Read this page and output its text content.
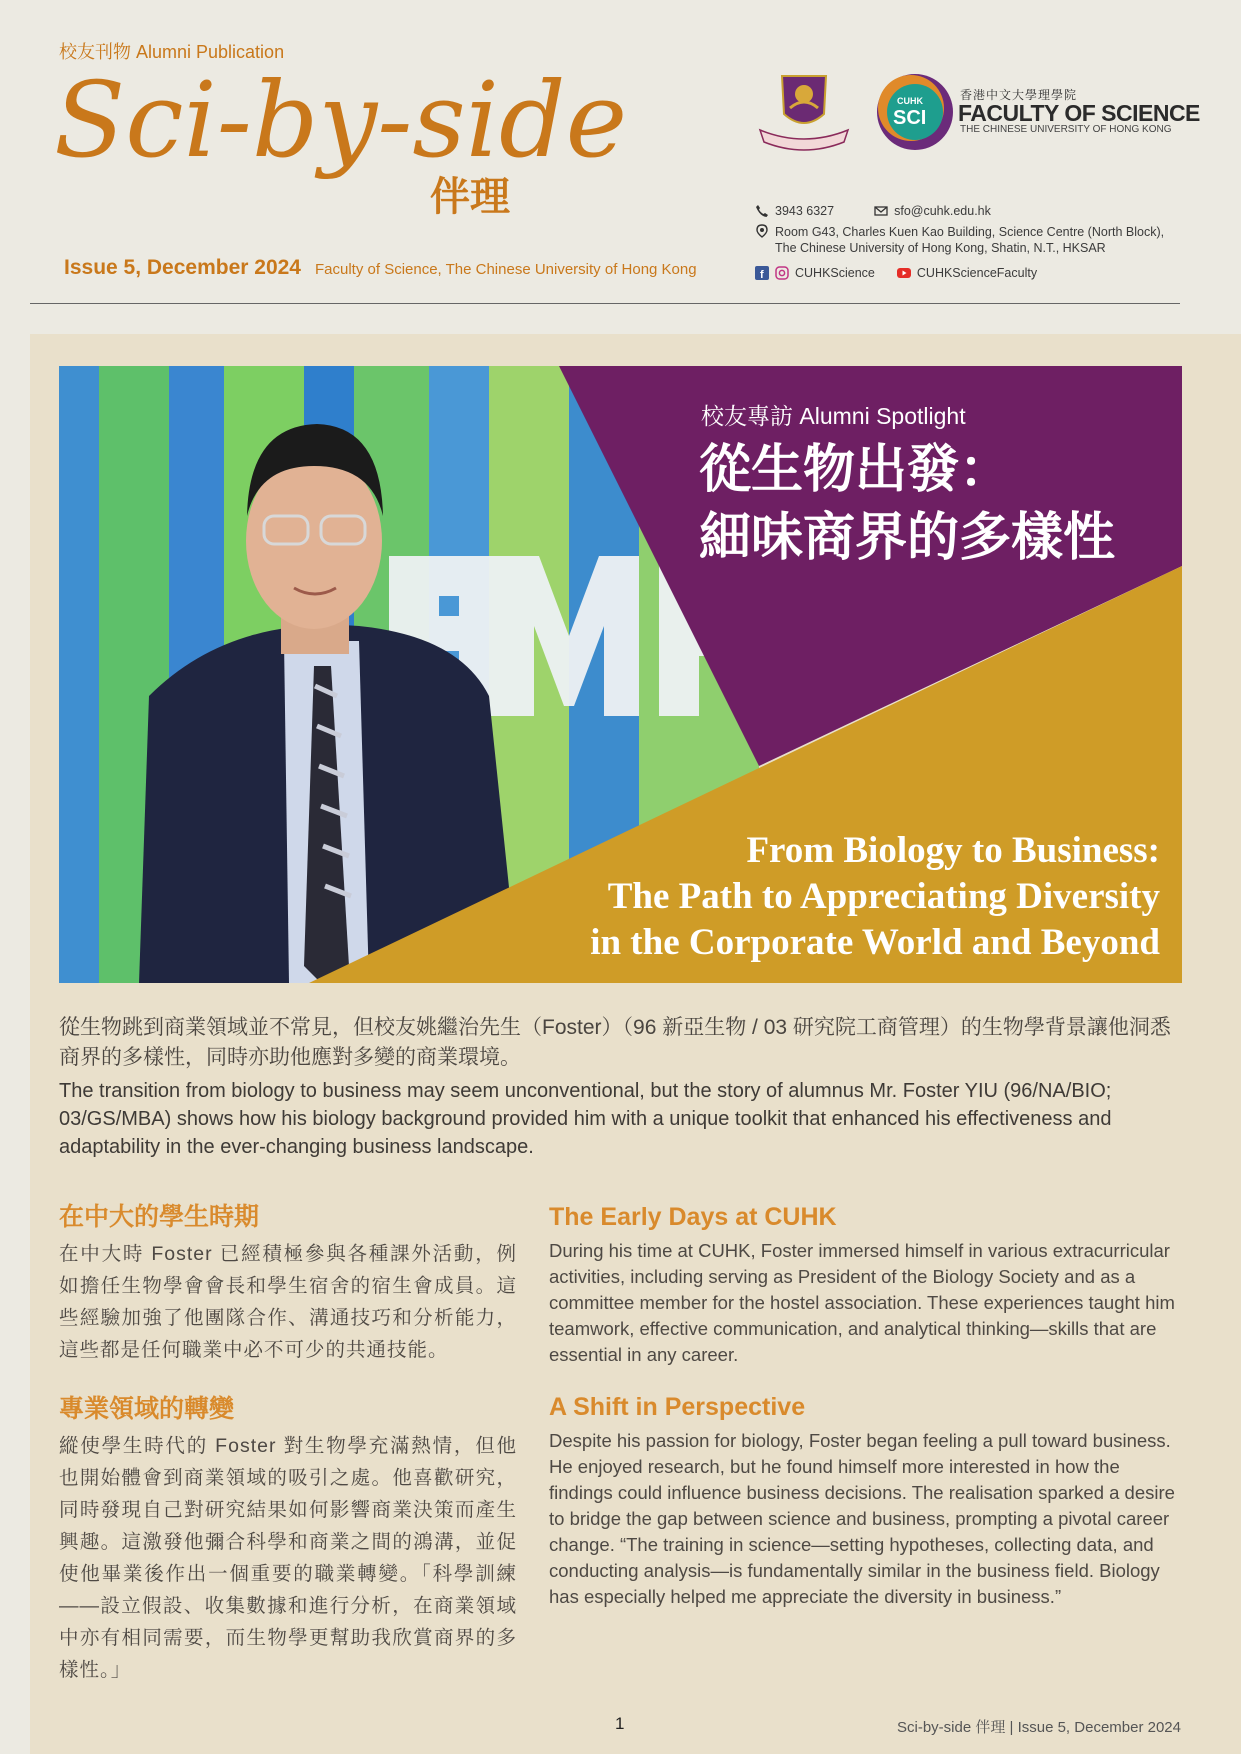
校友刊物 Alumni Publication
Sci-by-side
伴理
Issue 5, December 2024 Faculty of Science, The Chinese University of Hong Kong
CUHK
SCI
香港中文大學理學院
FACULTY OF SCIENCE
THE CHINESE UNIVERSITY OF HONG KONG
3943 6327	sfo@cuhk.edu.hk
Room G43, Charles Kuen Kao Building, Science Centre (North Block),
The Chinese University of Hong Kong, Shatin, N.T., HKSAR
f	CUHKScience	CUHKScienceFaculty
校友專訪 Alumni Spotlight
從生物出發：
細味商界的多樣性
From Biology to Business:
The Path to Appreciating Diversity
in the Corporate World and Beyond

從生物跳到商業領域並不常見，但校友姚繼治先生（Foster）（96 新亞生物 / 03 研究院工商管理）的生物學背景讓他洞悉商界的多樣性，同時亦助他應對多變的商業環境。

The transition from biology to business may seem unconventional, but the story of alumnus Mr. Foster YIU (96/NA/BIO; 03/GS/MBA) shows how his biology background provided him with a unique toolkit that enhanced his effectiveness and adaptability in the ever-changing business landscape.

在中大的學生時期

在中大時 Foster 已經積極參與各種課外活動，例如擔任生物學會會長和學生宿舍的宿生會成員。這些經驗加強了他團隊合作、溝通技巧和分析能力，這些都是任何職業中必不可少的共通技能。

專業領域的轉變

縱使學生時代的 Foster 對生物學充滿熱情，但他也開始體會到商業領域的吸引之處。他喜歡研究，同時發現自己對研究結果如何影響商業決策而產生興趣。這激發他彌合科學和商業之間的鴻溝，並促使他畢業後作出一個重要的職業轉變。「科學訓練——設立假設、收集數據和進行分析，在商業領域中亦有相同需要，而生物學更幫助我欣賞商界的多樣性。」

The Early Days at CUHK

During his time at CUHK, Foster immersed himself in various extracurricular activities, including serving as President of the Biology Society and as a committee member for the hostel association. These experiences taught him teamwork, effective communication, and analytical thinking—skills that are essential in any career.

A Shift in Perspective

Despite his passion for biology, Foster began feeling a pull toward business. He enjoyed research, but he found himself more interested in how the findings could influence business decisions. The realisation sparked a desire to bridge the gap between science and business, prompting a pivotal career change. “The training in science—setting hypotheses, collecting data, and conducting analysis—is fundamentally similar in the business field. Biology has especially helped me appreciate the diversity in business.”

1	Sci-by-side 伴理 | Issue 5, December 2024
